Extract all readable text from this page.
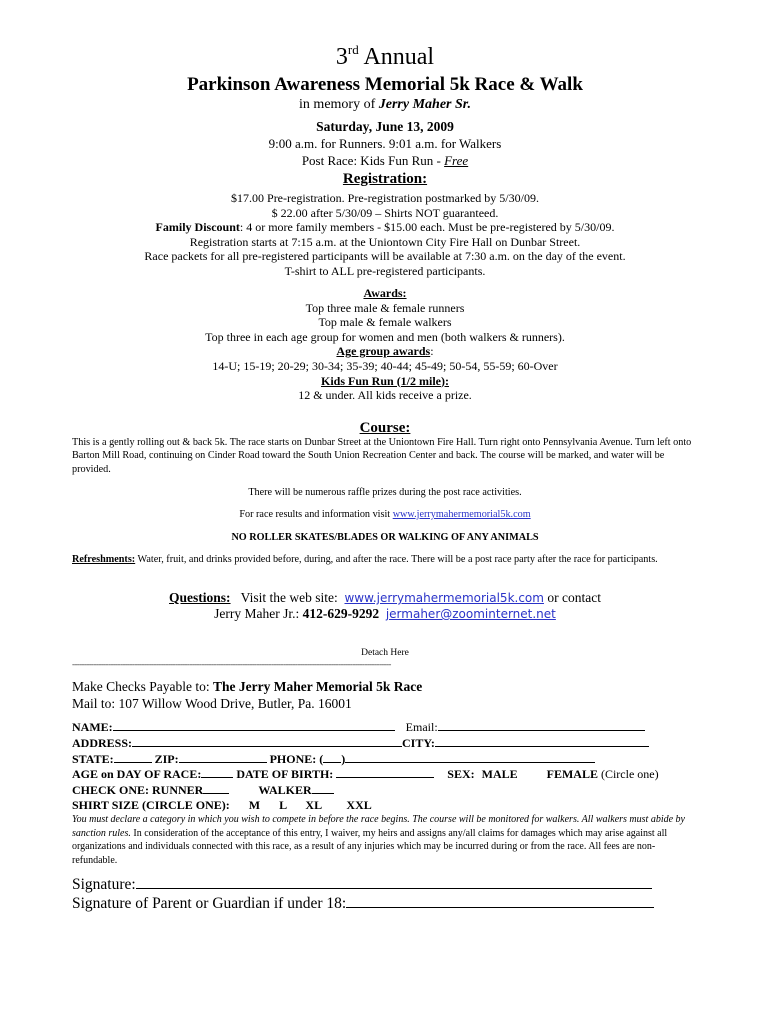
3rd Annual
Parkinson Awareness Memorial 5k Race & Walk
in memory of Jerry Maher Sr.
Saturday, June 13, 2009
9:00 a.m. for Runners. 9:01 a.m. for Walkers
Post Race: Kids Fun Run - Free
Registration:
$17.00 Pre-registration. Pre-registration postmarked by 5/30/09.
$ 22.00 after 5/30/09 – Shirts NOT guaranteed.
Family Discount: 4 or more family members - $15.00 each. Must be pre-registered by 5/30/09.
Registration starts at 7:15 a.m. at the Uniontown City Fire Hall on Dunbar Street.
Race packets for all pre-registered participants will be available at 7:30 a.m. on the day of the event.
T-shirt to ALL pre-registered participants.
Awards:
Top three male & female runners
Top male & female walkers
Top three in each age group for women and men (both walkers & runners).
Age group awards:
14-U; 15-19; 20-29; 30-34; 35-39; 40-44; 45-49; 50-54, 55-59; 60-Over
Kids Fun Run (1/2 mile):
12 & under. All kids receive a prize.
Course:
This is a gently rolling out & back 5k. The race starts on Dunbar Street at the Uniontown Fire Hall. Turn right onto Pennsylvania Avenue. Turn left onto Barton Mill Road, continuing on Cinder Road toward the South Union Recreation Center and back. The course will be marked, and water will be provided.
There will be numerous raffle prizes during the post race activities.
For race results and information visit www.jerrymahermemorial5k.com
NO ROLLER SKATES/BLADES OR WALKING OF ANY ANIMALS
Refreshments: Water, fruit, and drinks provided before, during, and after the race. There will be a post race party after the race for participants.
Questions: Visit the web site: www.jerrymahermemorial5k.com or contact
Jerry Maher Jr.: 412-629-9292 jermaher@zoominternet.net
Detach Here
-------------------------------------------------------------------------------------------------------------------------------------
Make Checks Payable to: The Jerry Maher Memorial 5k Race
Mail to: 107 Willow Wood Drive, Butler, Pa. 16001
NAME:	Email:
ADDRESS:	CITY:
STATE:	ZIP:	PHONE: ( )
AGE on DAY OF RACE:	DATE OF BIRTH:	SEX: MALE FEMALE (Circle one)
CHECK ONE: RUNNER	WALKER
SHIRT SIZE (CIRCLE ONE): M L XL XXL
You must declare a category in which you wish to compete in before the race begins. The course will be monitored for walkers. All walkers must abide by sanction rules. In consideration of the acceptance of this entry, I waiver, my heirs and assigns any/all claims for damages which may arise against all organizations and individuals connected with this race, as a result of any injuries which may be incurred during or from the race. All fees are non-refundable.
Signature:
Signature of Parent or Guardian if under 18:
